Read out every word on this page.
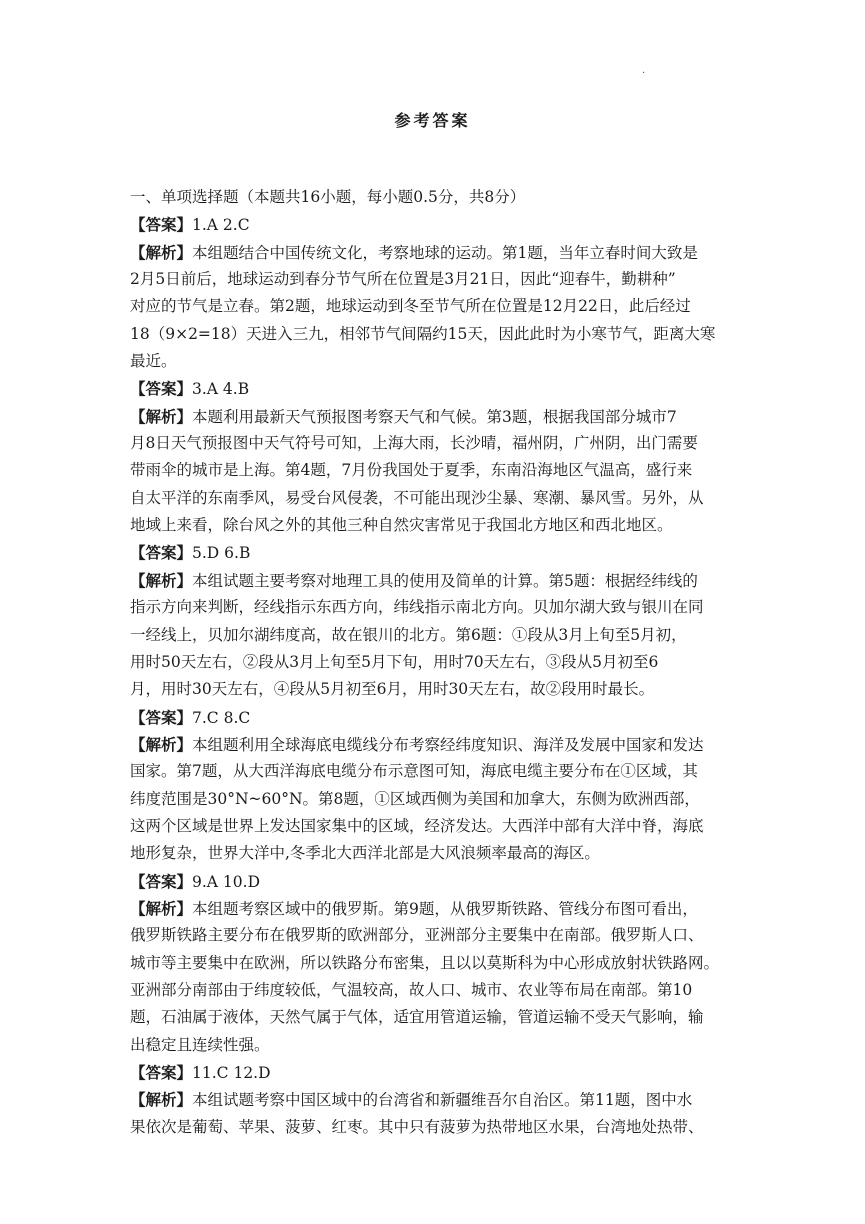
·
参考答案
一、单项选择题（本题共16小题，每小题0.5分，共8分）
【答案】1.A 2.C
【解析】本组题结合中国传统文化，考察地球的运动。第1题，当年立春时间大致是
2月5日前后，地球运动到春分节气所在位置是3月21日，因此“迎春牛，勤耕种”
对应的节气是立春。第2题，地球运动到冬至节气所在位置是12月22日，此后经过
18（9×2=18）天进入三九，相邻节气间隔约15天，因此此时为小寒节气，距离大寒
最近。
【答案】3.A 4.B
【解析】本题利用最新天气预报图考察天气和气候。第3题，根据我国部分城市7
月8日天气预报图中天气符号可知，上海大雨，长沙晴，福州阴，广州阴，出门需要
带雨伞的城市是上海。第4题，7月份我国处于夏季，东南沿海地区气温高，盛行来
自太平洋的东南季风，易受台风侵袭，不可能出现沙尘暴、寒潮、暴风雪。另外，从
地域上来看，除台风之外的其他三种自然灾害常见于我国北方地区和西北地区。
【答案】5.D 6.B
【解析】本组试题主要考察对地理工具的使用及简单的计算。第5题：根据经纬线的
指示方向来判断，经线指示东西方向，纬线指示南北方向。贝加尔湖大致与银川在同
一经线上，贝加尔湖纬度高，故在银川的北方。第6题：①段从3月上旬至5月初，
用时50天左右，②段从3月上旬至5月下旬，用时70天左右，③段从5月初至6
月，用时30天左右，④段从5月初至6月，用时30天左右，故②段用时最长。
【答案】7.C 8.C
【解析】本组题利用全球海底电缆线分布考察经纬度知识、海洋及发展中国家和发达
国家。第7题，从大西洋海底电缆分布示意图可知，海底电缆主要分布在①区域，其
纬度范围是30°N~60°N。第8题，①区域西侧为美国和加拿大，东侧为欧洲西部，
这两个区域是世界上发达国家集中的区域，经济发达。大西洋中部有大洋中脊，海底
地形复杂，世界大洋中,冬季北大西洋北部是大风浪频率最高的海区。
【答案】9.A 10.D
【解析】本组题考察区域中的俄罗斯。第9题，从俄罗斯铁路、管线分布图可看出，
俄罗斯铁路主要分布在俄罗斯的欧洲部分，亚洲部分主要集中在南部。俄罗斯人口、
城市等主要集中在欧洲，所以铁路分布密集，且以以莫斯科为中心形成放射状铁路网。
亚洲部分南部由于纬度较低，气温较高，故人口、城市、农业等布局在南部。第10
题，石油属于液体，天然气属于气体，适宜用管道运输，管道运输不受天气影响，输
出稳定且连续性强。
【答案】11.C 12.D
【解析】本组试题考察中国区域中的台湾省和新疆维吾尔自治区。第11题，图中水
果依次是葡萄、苹果、菠萝、红枣。其中只有菠萝为热带地区水果，台湾地处热带、
